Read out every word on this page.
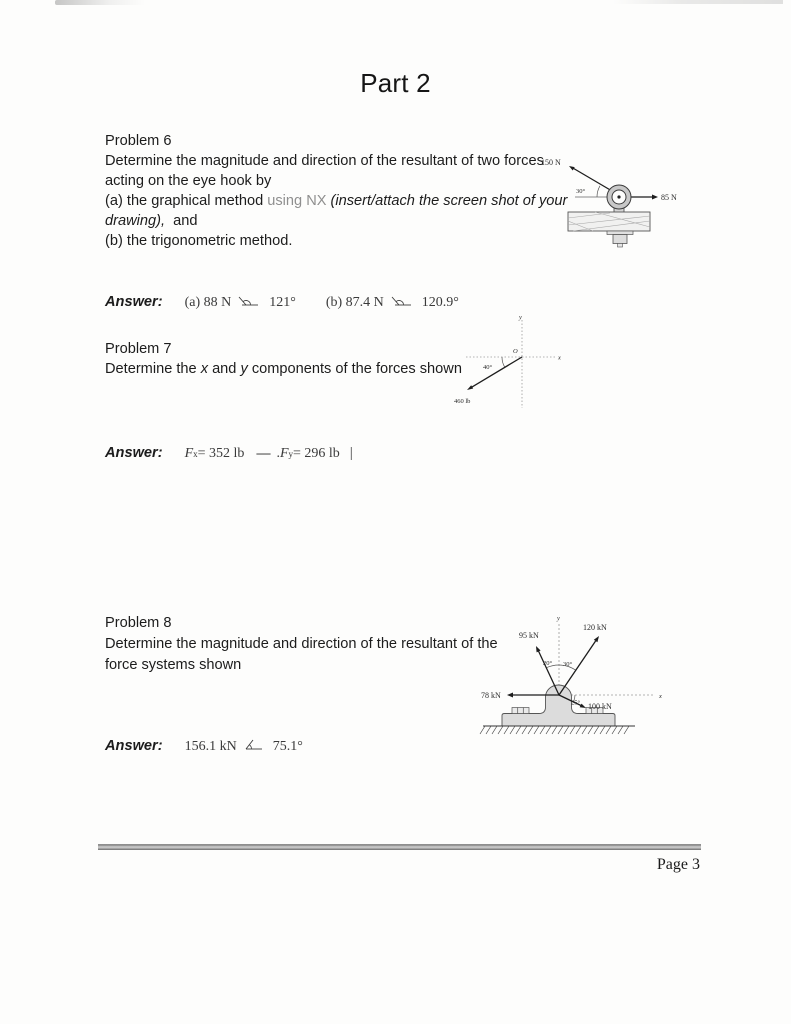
Part 2
Problem 6
Determine the magnitude and direction of the resultant of two forces
acting on the eye hook by
(a) the graphical method using NX (insert/attach the screen shot of your
drawing),  and
(b) the trigonometric method.
150 N
30°
85 N
Answer: (a) 88 N	121° (b) 87.4 N	120.9°
Problem 7
Determine the x and y components of the forces shown
y
x
O
40°
460 lb
Answer: F x = 352 lb — . F y = 296 lb |
Problem 8
Determine the magnitude and direction of the resultant of the
force systems shown
y
x
95 kN
120 kN
78 kN
100 kN
20° 30°
25°
Answer: 156.1 kN	75.1°
Page 3
